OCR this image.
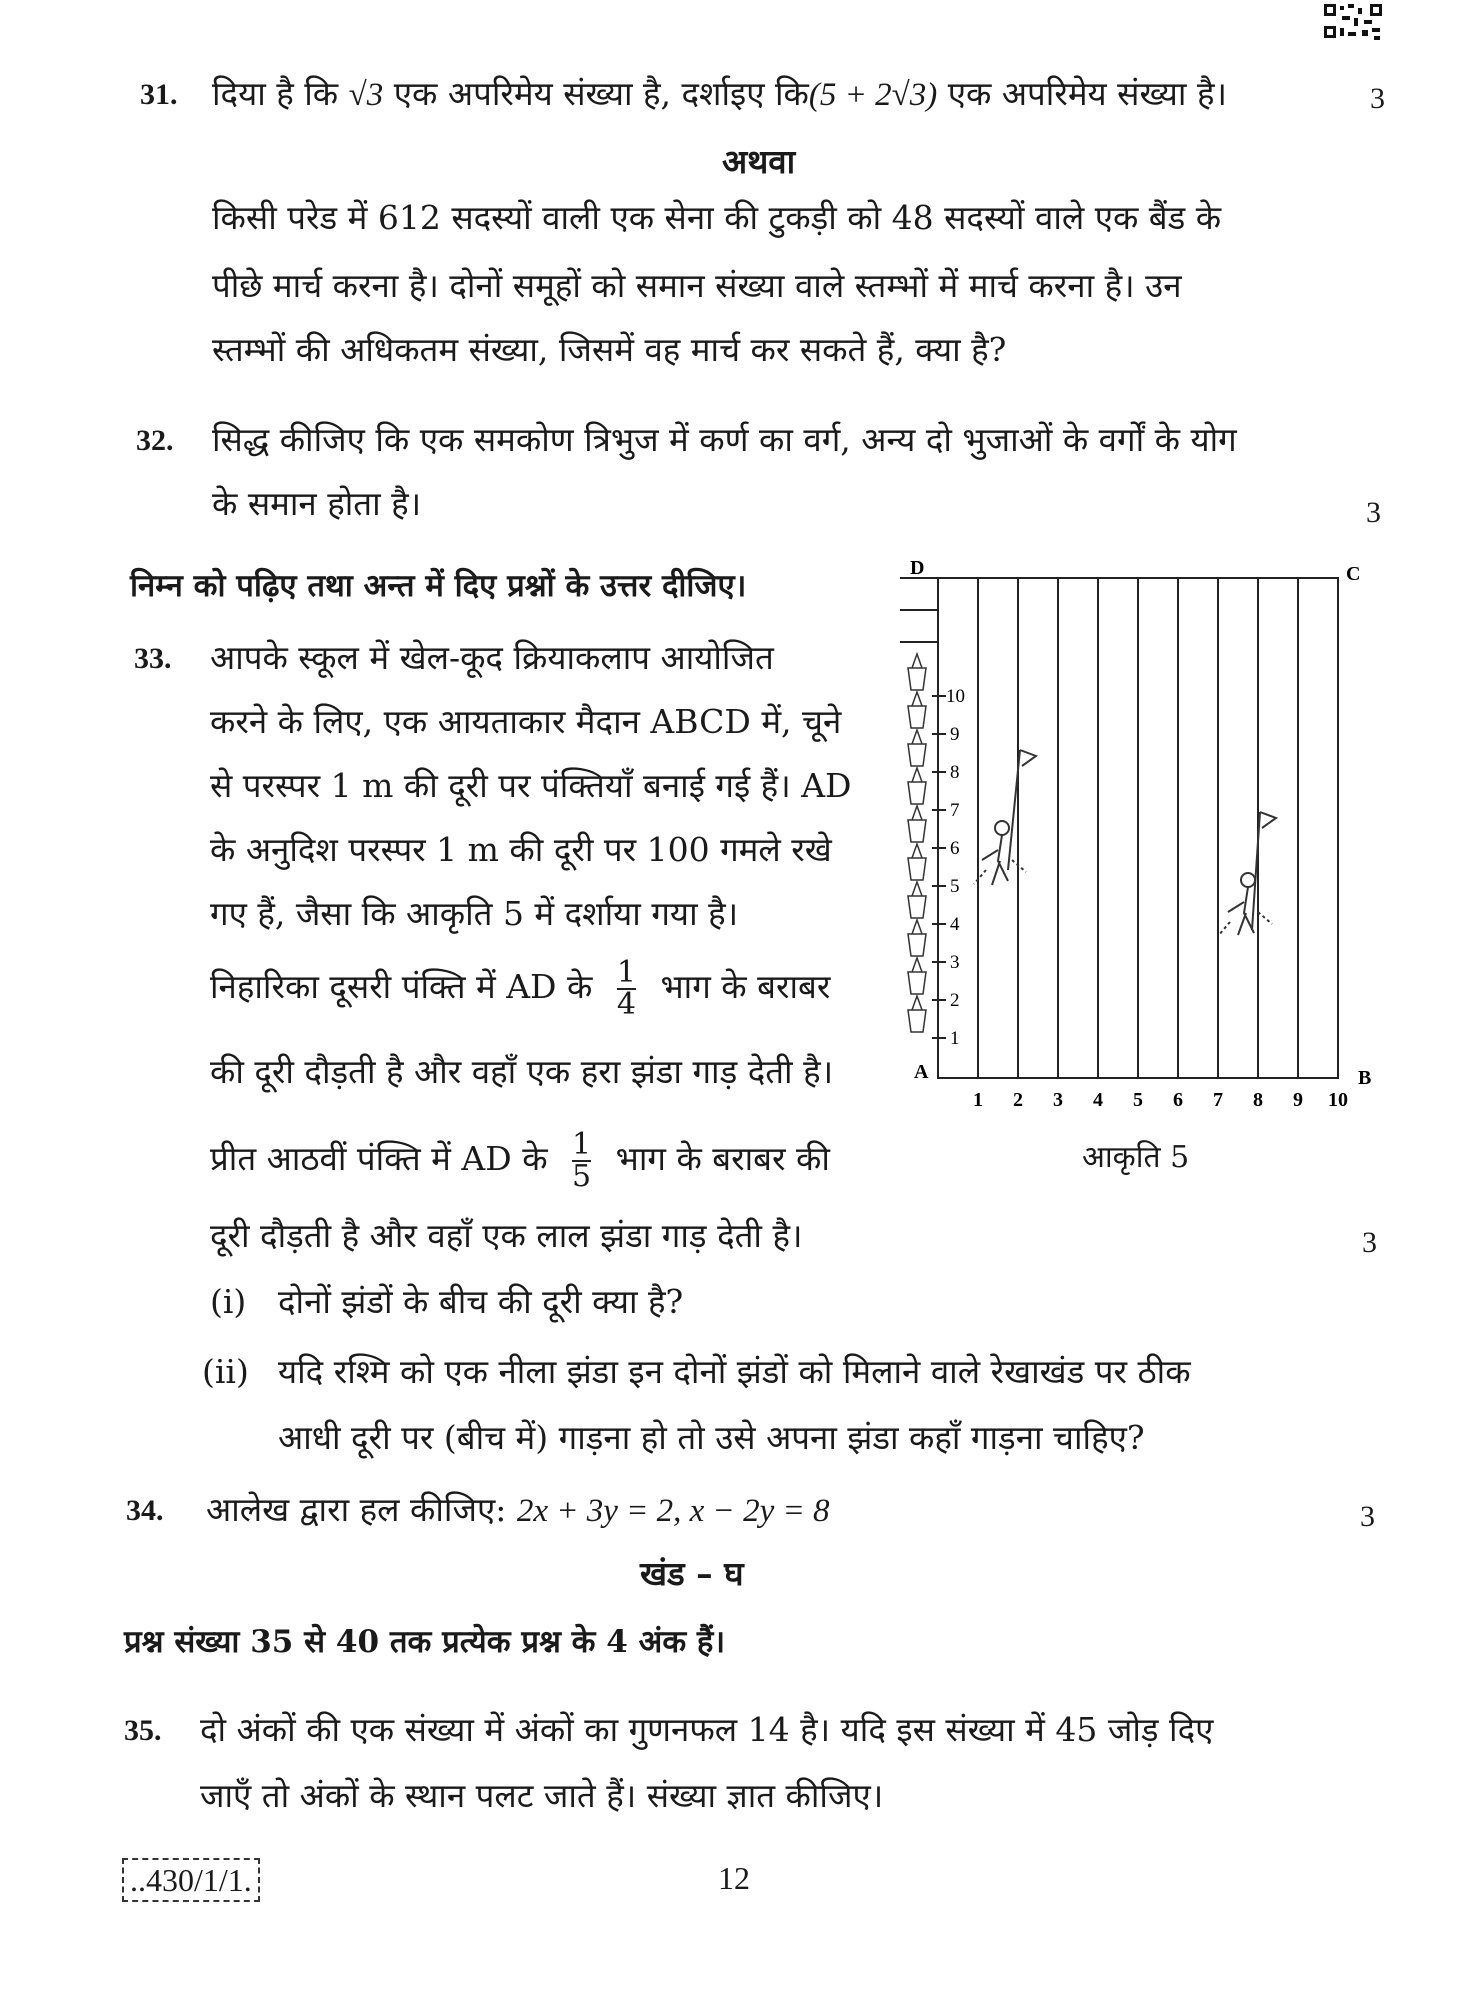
31. दिया है कि √3 एक अपरिमेय संख्या है, दर्शाइए कि(5 + 2√3) एक अपरिमेय संख्या है।	3
अथवा
किसी परेड में 612 सदस्यों वाली एक सेना की टुकड़ी को 48 सदस्यों वाले एक बैंड के
पीछे मार्च करना है। दोनों समूहों को समान संख्या वाले स्तम्भों में मार्च करना है। उन
स्तम्भों की अधिकतम संख्या, जिसमें वह मार्च कर सकते हैं, क्या है?
32. सिद्ध कीजिए कि एक समकोण त्रिभुज में कर्ण का वर्ग, अन्य दो भुजाओं के वर्गों के योग
के समान होता है।	3
निम्न को पढ़िए तथा अन्त में दिए प्रश्नों के उत्तर दीजिए।
33. आपके स्कूल में खेल-कूद क्रियाकलाप आयोजित
करने के लिए, एक आयताकार मैदान ABCD में, चूने
से परस्पर 1 m की दूरी पर पंक्तियाँ बनाई गई हैं। AD
के अनुदिश परस्पर 1 m की दूरी पर 100 गमले रखे
गए हैं, जैसा कि आकृति 5 में दर्शाया गया है।
निहारिका दूसरी पंक्ति में AD के $\frac{1}{4}$ भाग के बराबर
की दूरी दौड़ती है और वहाँ एक हरा झंडा गाड़ देती है।
प्रीत आठवीं पंक्ति में AD के $\frac{1}{5}$ भाग के बराबर की
दूरी दौड़ती है और वहाँ एक लाल झंडा गाड़ देती है।	3
(i) दोनों झंडों के बीच की दूरी क्या है?
(ii) यदि रश्मि को एक नीला झंडा इन दोनों झंडों को मिलाने वाले रेखाखंड पर ठीक
आधी दूरी पर (बीच में) गाड़ना हो तो उसे अपना झंडा कहाँ गाड़ना चाहिए?
D	C
A	B
10
9
8
7
6
5
4
3
2
1
1 2 3 4 5 6 7 8 9 10
आकृति 5
34. आलेख द्वारा हल कीजिए: 2x + 3y = 2, x − 2y = 8	3
खंड – घ
प्रश्न संख्या 35 से 40 तक प्रत्येक प्रश्न के 4 अंक हैं।
35. दो अंकों की एक संख्या में अंकों का गुणनफल 14 है। यदि इस संख्या में 45 जोड़ दिए
जाएँ तो अंकों के स्थान पलट जाते हैं। संख्या ज्ञात कीजिए।
..430/1/1.	12
